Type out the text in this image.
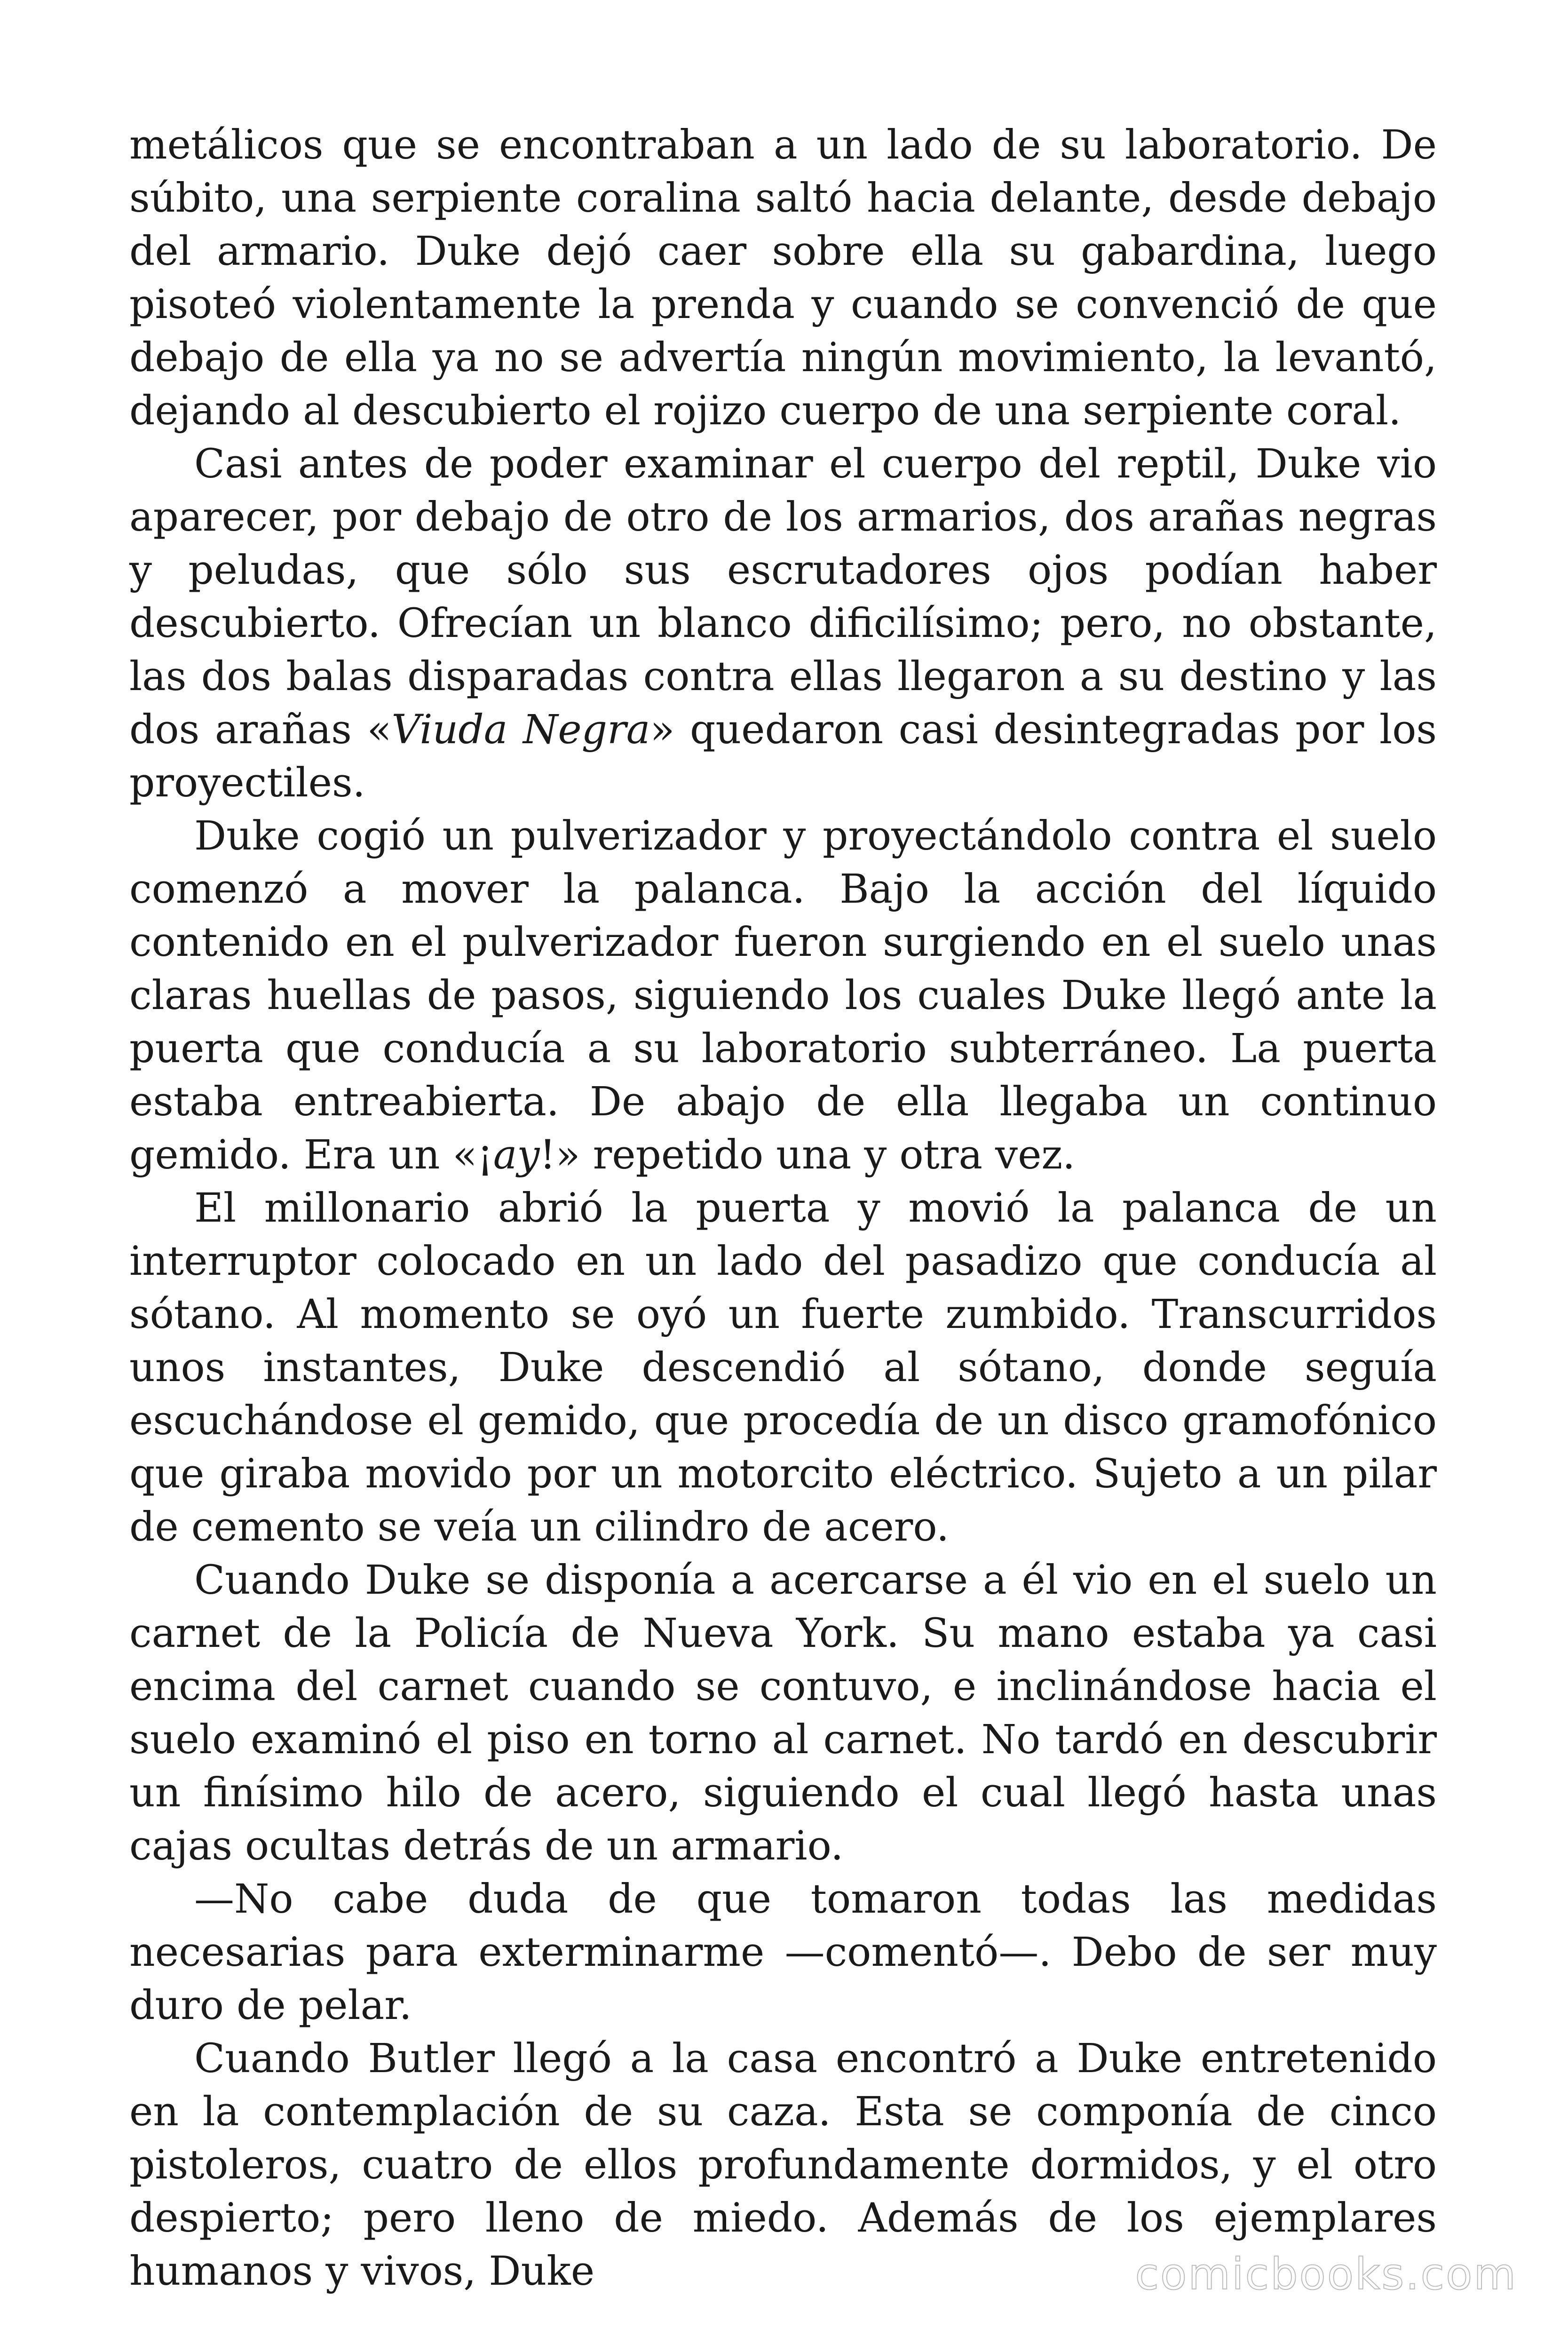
metálicos que se encontraban a un lado de su laboratorio. De súbito, una serpiente coralina saltó hacia delante, desde debajo del armario. Duke dejó caer sobre ella su gabardina, luego pisoteó violentamente la prenda y cuando se convenció de que debajo de ella ya no se advertía ningún movimiento, la levantó, dejando al descubierto el rojizo cuerpo de una serpiente coral.

Casi antes de poder examinar el cuerpo del reptil, Duke vio aparecer, por debajo de otro de los armarios, dos arañas negras y peludas, que sólo sus escrutadores ojos podían haber descubierto. Ofrecían un blanco dificilísimo; pero, no obstante, las dos balas disparadas contra ellas llegaron a su destino y las dos arañas «Viuda Negra» quedaron casi desintegradas por los proyectiles.

Duke cogió un pulverizador y proyectándolo contra el suelo comenzó a mover la palanca. Bajo la acción del líquido contenido en el pulverizador fueron surgiendo en el suelo unas claras huellas de pasos, siguiendo los cuales Duke llegó ante la puerta que conducía a su laboratorio subterráneo. La puerta estaba entreabierta. De abajo de ella llegaba un continuo gemido. Era un «¡ay!» repetido una y otra vez.

El millonario abrió la puerta y movió la palanca de un interruptor colocado en un lado del pasadizo que conducía al sótano. Al momento se oyó un fuerte zumbido. Transcurridos unos instantes, Duke descendió al sótano, donde seguía escuchándose el gemido, que procedía de un disco gramofónico que giraba movido por un motorcito eléctrico. Sujeto a un pilar de cemento se veía un cilindro de acero.

Cuando Duke se disponía a acercarse a él vio en el suelo un carnet de la Policía de Nueva York. Su mano estaba ya casi encima del carnet cuando se contuvo, e inclinándose hacia el suelo examinó el piso en torno al carnet. No tardó en descubrir un finísimo hilo de acero, siguiendo el cual llegó hasta unas cajas ocultas detrás de un armario.

—No cabe duda de que tomaron todas las medidas necesarias para exterminarme —comentó—. Debo de ser muy duro de pelar.

Cuando Butler llegó a la casa encontró a Duke entretenido en la contemplación de su caza. Esta se componía de cinco pistoleros, cuatro de ellos profundamente dormidos, y el otro despierto; pero lleno de miedo. Además de los ejemplares humanos y vivos, Duke	comicbooks.com
